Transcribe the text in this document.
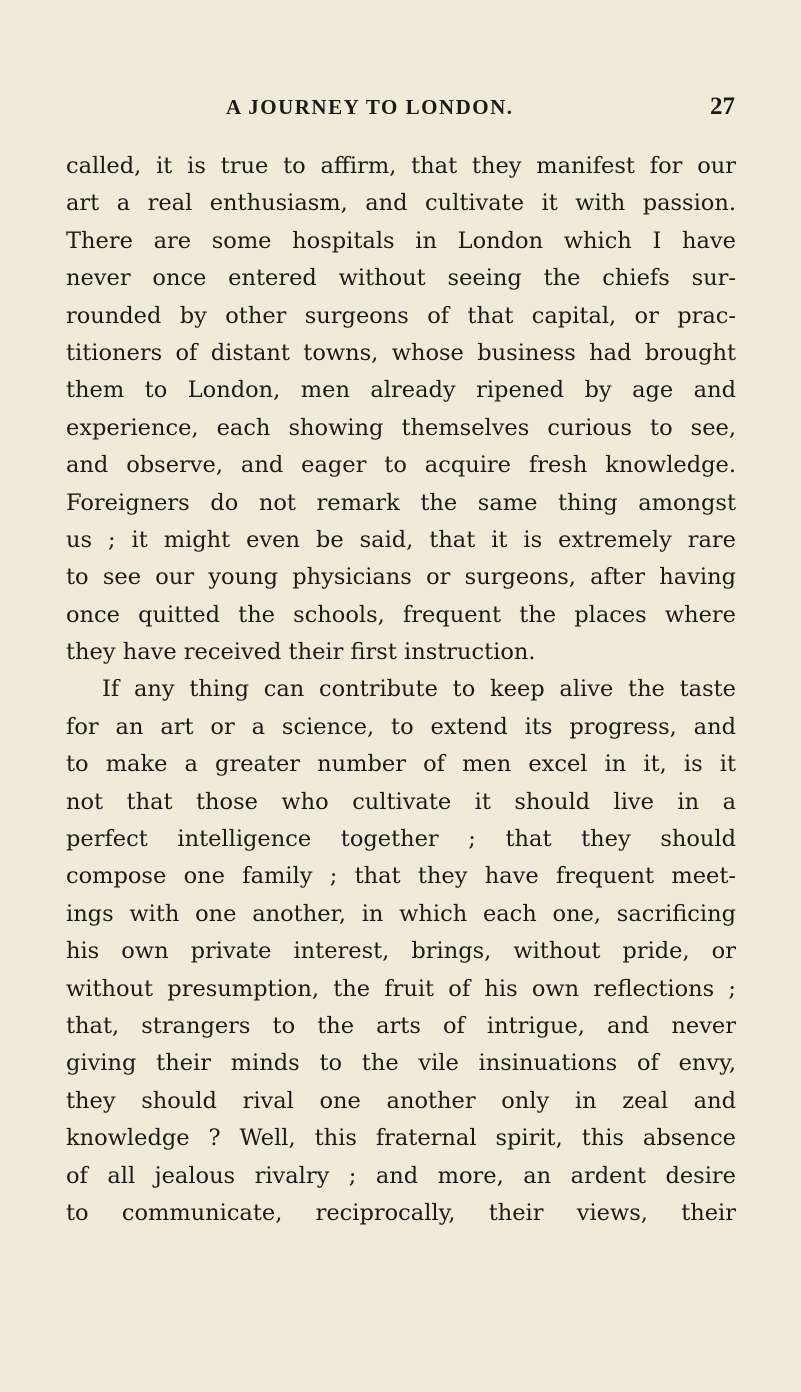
A JOURNEY TO LONDON.	27
called, it is true to affirm, that they manifest for our
art a real enthusiasm, and cultivate it with passion.
There are some hospitals in London which I have
never once entered without seeing the chiefs sur-
rounded by other surgeons of that capital, or prac-
titioners of distant towns, whose business had brought
them to London, men already ripened by age and
experience, each showing themselves curious to see,
and observe, and eager to acquire fresh knowledge.
Foreigners do not remark the same thing amongst
us ; it might even be said, that it is extremely rare
to see our young physicians or surgeons, after having
once quitted the schools, frequent the places where
they have received their first instruction.
If any thing can contribute to keep alive the taste
for an art or a science, to extend its progress, and
to make a greater number of men excel in it, is it
not that those who cultivate it should live in a
perfect intelligence together ; that they should
compose one family ; that they have frequent meet-
ings with one another, in which each one, sacrificing
his own private interest, brings, without pride, or
without presumption, the fruit of his own reflections ;
that, strangers to the arts of intrigue, and never
giving their minds to the vile insinuations of envy,
they should rival one another only in zeal and
knowledge ? Well, this fraternal spirit, this absence
of all jealous rivalry ; and more, an ardent desire
to communicate, reciprocally, their views, their
